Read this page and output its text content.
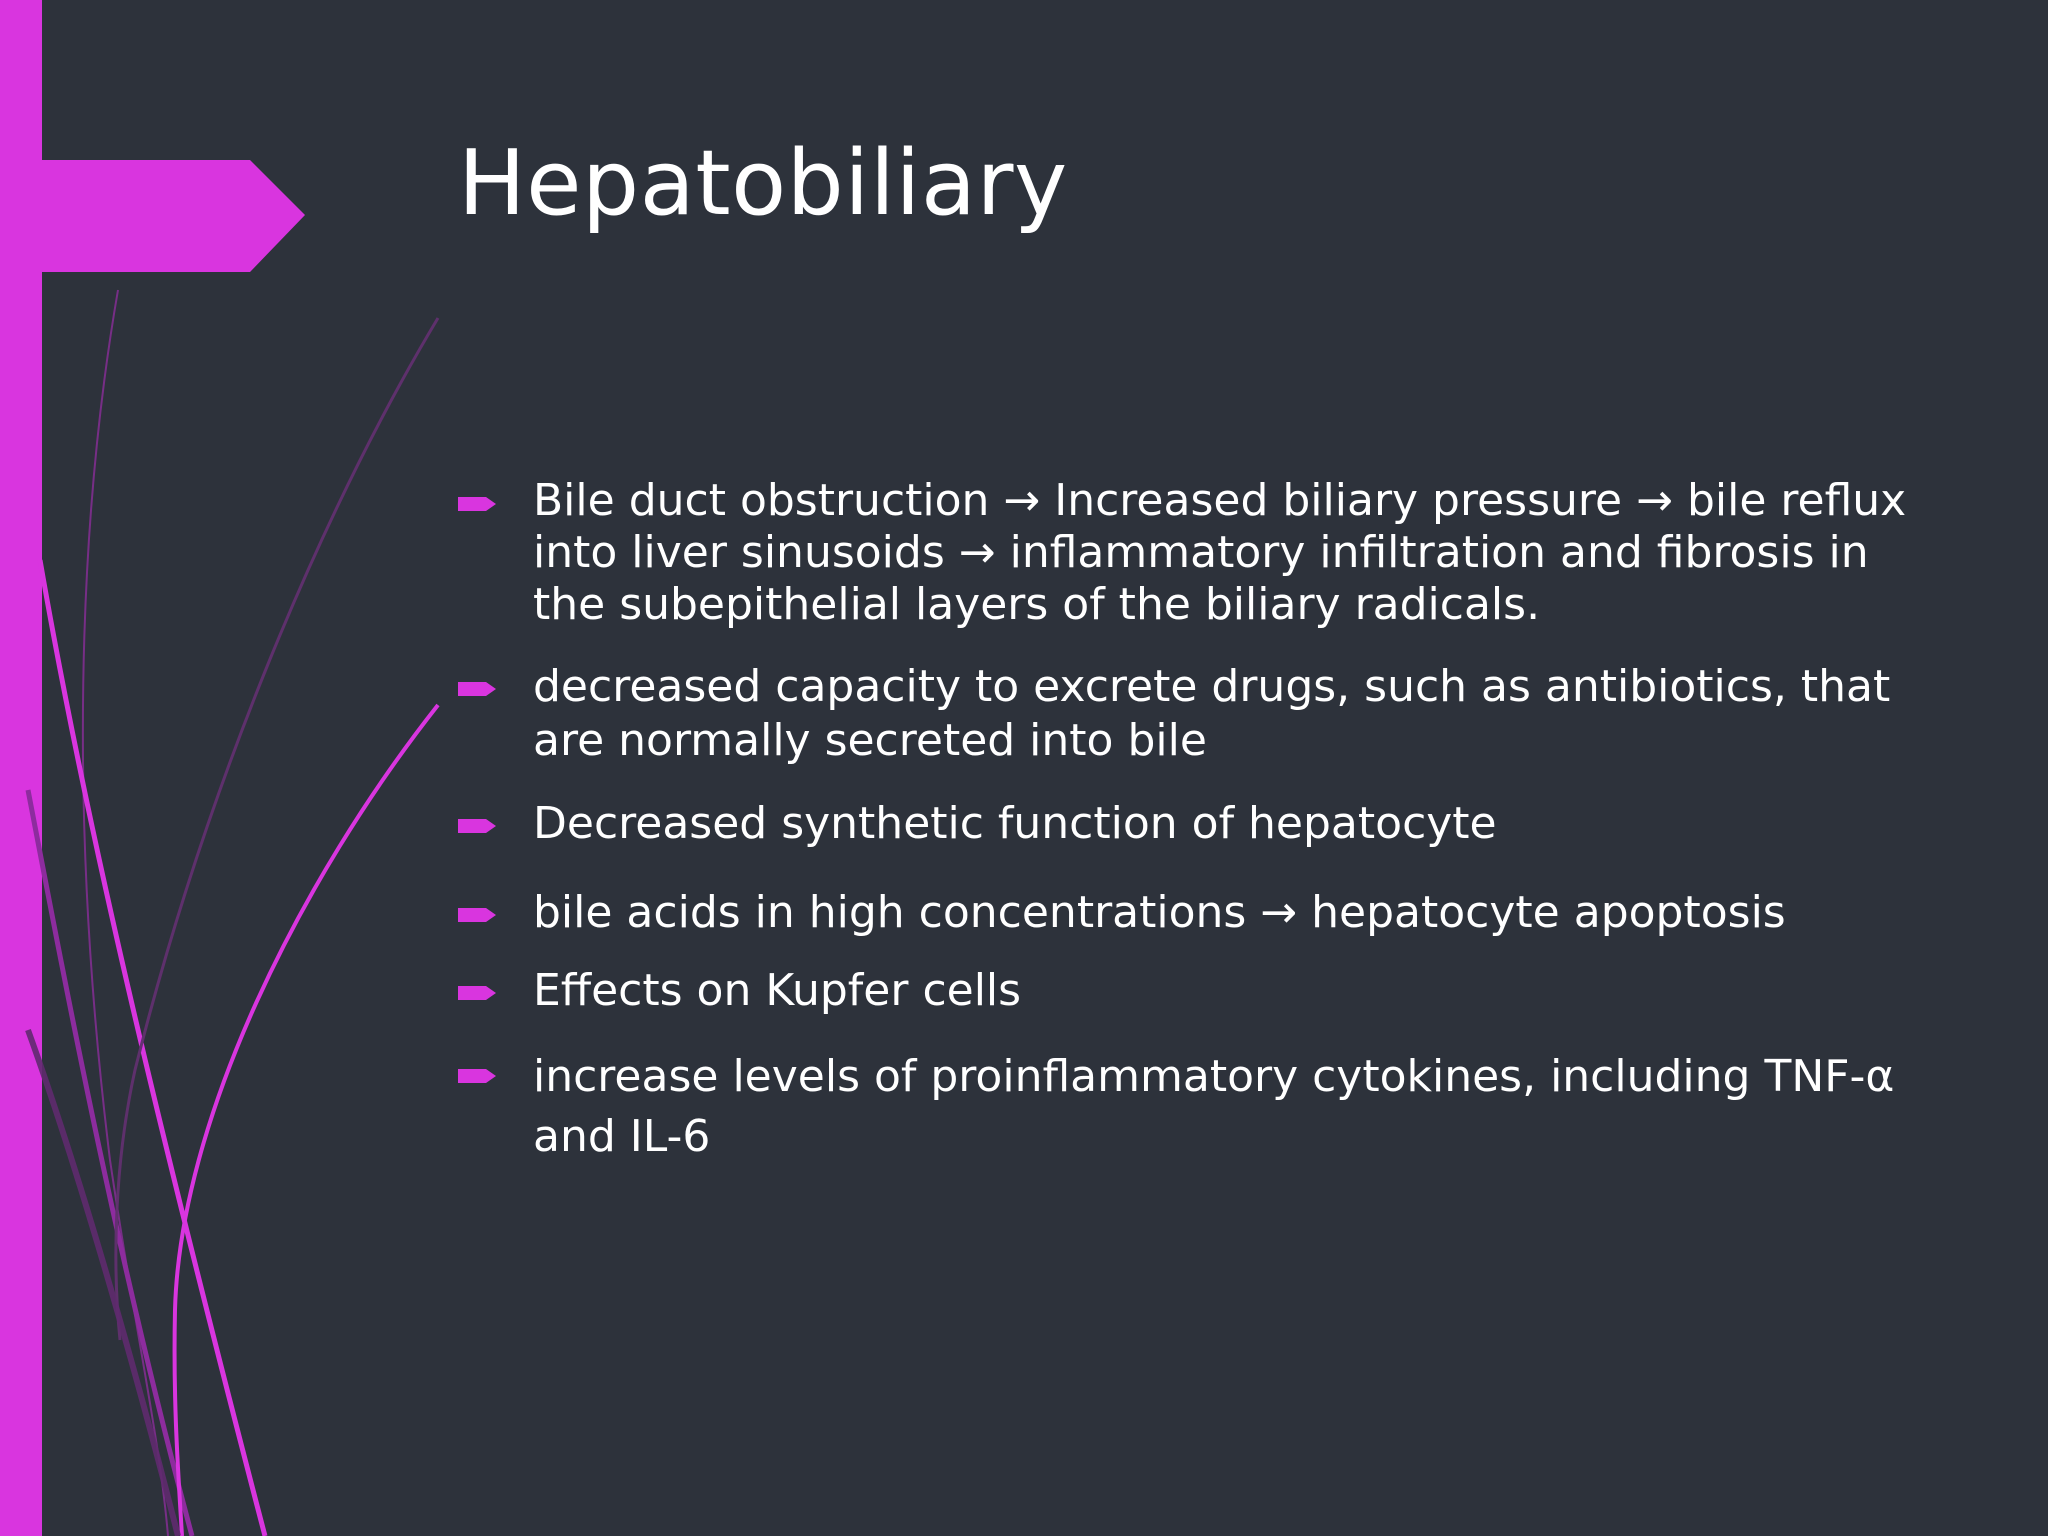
Hepatobiliary
Bile duct obstruction → Increased biliary pressure → bile reflux into liver sinusoids → inflammatory infiltration and fibrosis in the subepithelial layers of the biliary radicals.
decreased capacity to excrete drugs, such as antibiotics, that are normally secreted into bile
Decreased synthetic function of hepatocyte
bile acids in high concentrations → hepatocyte apoptosis
Effects on Kupfer cells
increase levels of proinflammatory cytokines, including TNF-α and IL-6
